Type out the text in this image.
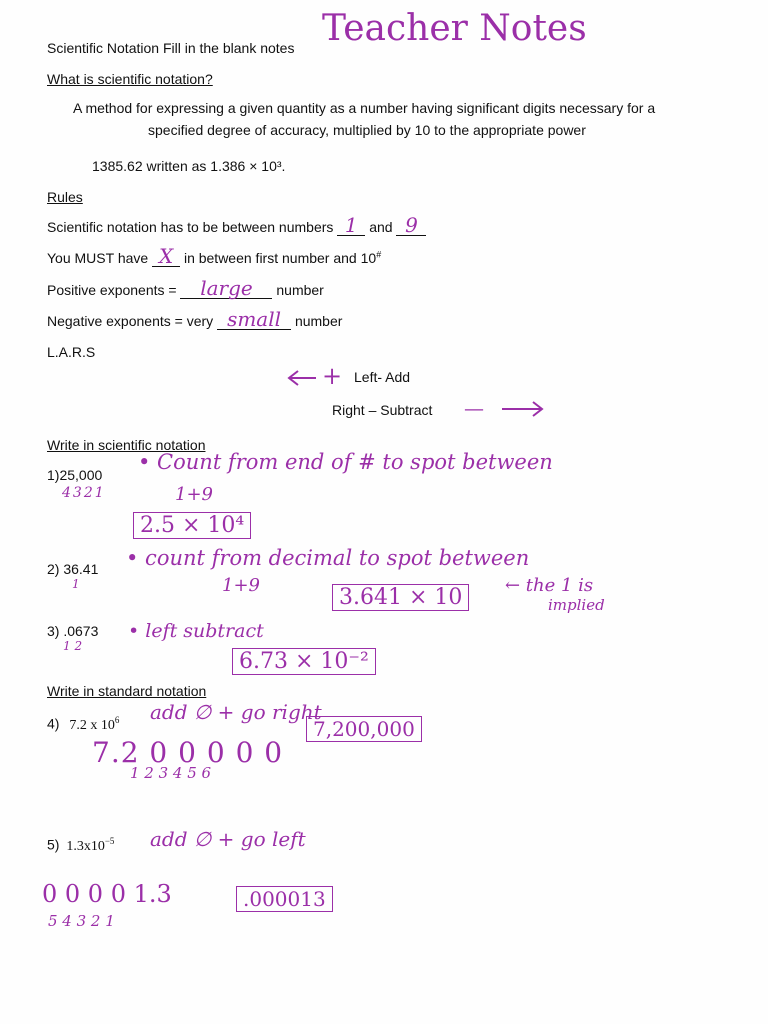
Scientific Notation Fill in the blank notes Teacher Notes
What is scientific notation?
A method for expressing a given quantity as a number having significant digits necessary for a
specified degree of accuracy, multiplied by 10 to the appropriate power
1385.62 written as 1.386 × 10³.
Rules
Scientific notation has to be between numbers 1 and 9
You MUST have X in between first number and 10#
Positive exponents = large number
Negative exponents = very small number
L.A.R.S
+ Left- Add
Right – Subtract —
Write in scientific notation
1)25,000
4321
• Count from end of # to spot between
1+9
2.5 × 10⁴
2) 36.41
1
• count from decimal to spot between
1+9	3.641 × 10	← the 1 is
implied
3) .0673
1 2
• left subtract
6.73 × 10⁻²
Write in standard notation
4) 7.2 x $10^6$ add ∅ + go right
7,200,000
7.2 0 0 0 0 0
1 2 3 4 5 6
5) $1.3x10^{-5}$ add ∅ + go left
0 0 0 0 1.3
5 4 3 2 1
.000013
